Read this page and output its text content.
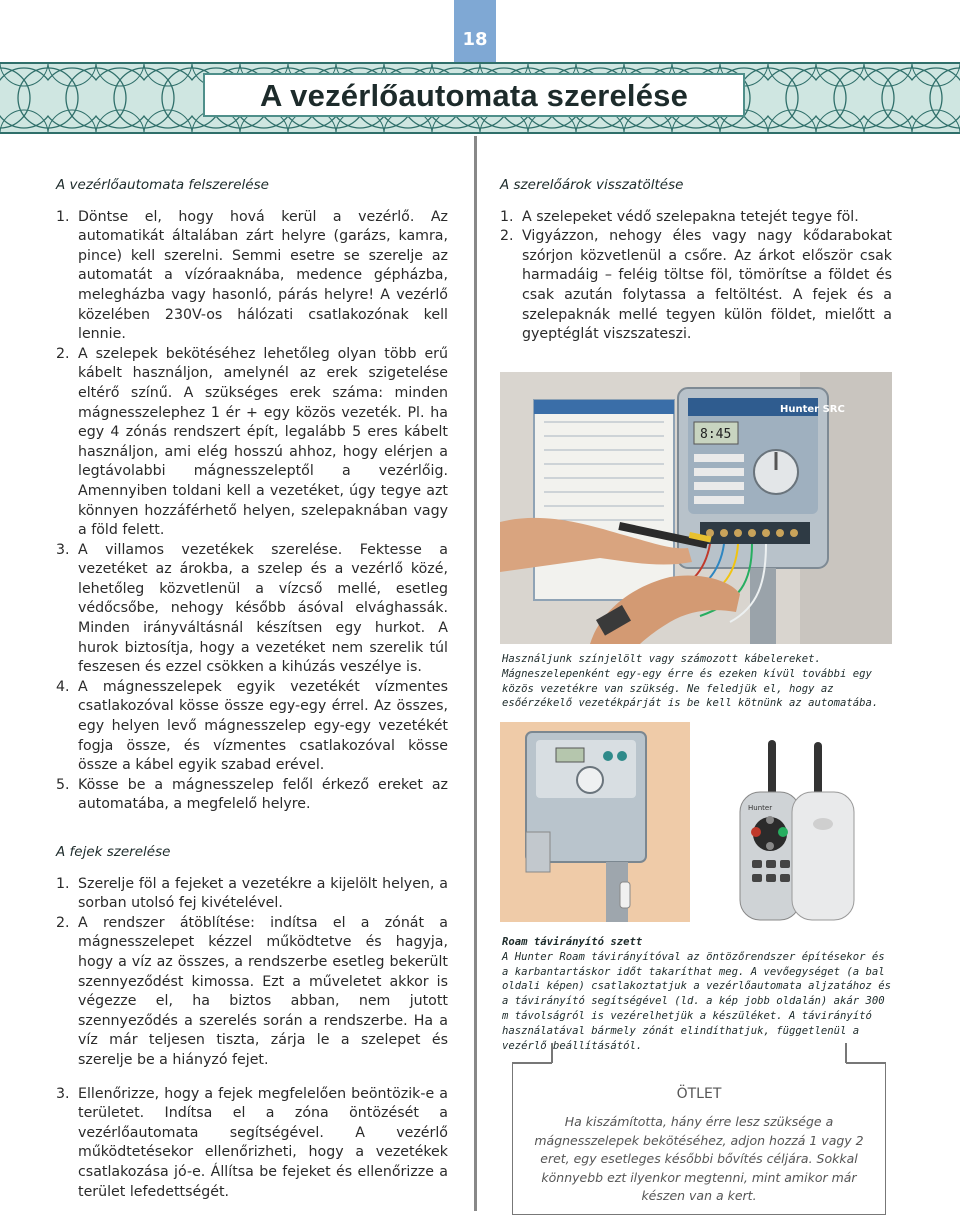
18
A vezérlőautomata szerelése
A vezérlőautomata felszerelése
1. Döntse el, hogy hová kerül a vezérlő. Az automatikát általában zárt helyre (garázs, kamra, pince) kell szerelni. Semmi esetre se szerelje az automatát a vízóraaknába, medence gépházba, melegházba vagy hasonló, párás helyre! A vezérlő közelében 230V-os hálózati csatlakozónak kell lennie.
2. A szelepek bekötéséhez lehetőleg olyan több erű kábelt használjon, amelynél az erek szigetelése eltérő színű. A szükséges erek száma: minden mágnesszelephez 1 ér + egy közös vezeték. Pl. ha egy 4 zónás rendszert épít, legalább 5 eres kábelt használjon, ami elég hosszú ahhoz, hogy elérjen a legtávolabbi mágnesszeleptől a vezérlőig. Amennyiben toldani kell a vezetéket, úgy tegye azt könnyen hozzáférhető helyen, szelepaknában vagy a föld felett.
3. A villamos vezetékek szerelése. Fektesse a vezetéket az árokba, a szelep és a vezérlő közé, lehetőleg közvetlenül a vízcső mellé, esetleg védőcsőbe, nehogy később ásóval elvághassák. Minden irányváltásnál készítsen egy hurkot. A hurok biztosítja, hogy a vezetéket nem szerelik túl feszesen és ezzel csökken a kihúzás veszélye is.
4. A mágnesszelepek egyik vezetékét vízmentes csatlakozóval kösse össze egy-egy érrel. Az összes, egy helyen levő mágnesszelep egy-egy vezetékét fogja össze, és vízmentes csatlakozóval kösse össze a kábel egyik szabad erével.
5. Kösse be a mágnesszelep felől érkező ereket az automatába, a megfelelő helyre.
A fejek szerelése
1. Szerelje föl a fejeket a vezetékre a kijelölt helyen, a sorban utolsó fej kivételével.
2. A rendszer átöblítése: indítsa el a zónát a mágnesszelepet kézzel működtetve és hagyja, hogy a víz az összes, a rendszerbe esetleg bekerült szennyeződést kimossa. Ezt a műveletet akkor is végezze el, ha biztos abban, nem jutott szennyeződés a szerelés során a rendszerbe. Ha a víz már teljesen tiszta, zárja le a szelepet és szerelje be a hiányzó fejet.
3. Ellenőrizze, hogy a fejek megfelelően beöntözik-e a területet. Indítsa el a zóna öntözését a vezérlőautomata segítségével. A vezérlő működtetésekor ellenőrizheti, hogy a vezetékek csatlakozása jó-e. Állítsa be fejeket és ellenőrizze a terület lefedettségét.
A szerelőárok visszatöltése
1. A szelepeket védő szelepakna tetejét tegye föl.
2. Vigyázzon, nehogy éles vagy nagy kődarabokat szórjon közvetlenül a csőre. Az árkot először csak harmadáig – feléig töltse föl, tömörítse a földet és csak azután folytassa a feltöltést. A fejek és a szelepaknák mellé tegyen külön földet, mielőtt a gyeptéglát viszszateszi.
Hunter SRC
8:45
Használjunk színjelölt vagy számozott kábelereket. Mágneszelepenként egy-egy érre és ezeken kívül további egy közös vezetékre van szükség. Ne feledjük el, hogy az esőérzékelő vezetékpárját is be kell kötnünk az automatába.
Hunter
Roam távirányító szett
A Hunter Roam távirányítóval az öntözőrendszer építésekor és a karbantartáskor időt takaríthat meg. A vevőegységet (a bal oldali képen) csatlakoztatjuk a vezérlőautomata aljzatához és a távirányító segítségével (ld. a kép jobb oldalán) akár 300 m távolságról is vezérelhetjük a készüléket. A távirányító használatával bármely zónát elindíthatjuk, függetlenül a vezérlő beállításától.
ÖTLET
Ha kiszámította, hány érre lesz szüksége a mágnesszelepek bekötéséhez, adjon hozzá 1 vagy 2 eret, egy esetleges későbbi bővítés céljára. Sokkal könnyebb ezt ilyenkor megtenni, mint amikor már készen van a kert.
